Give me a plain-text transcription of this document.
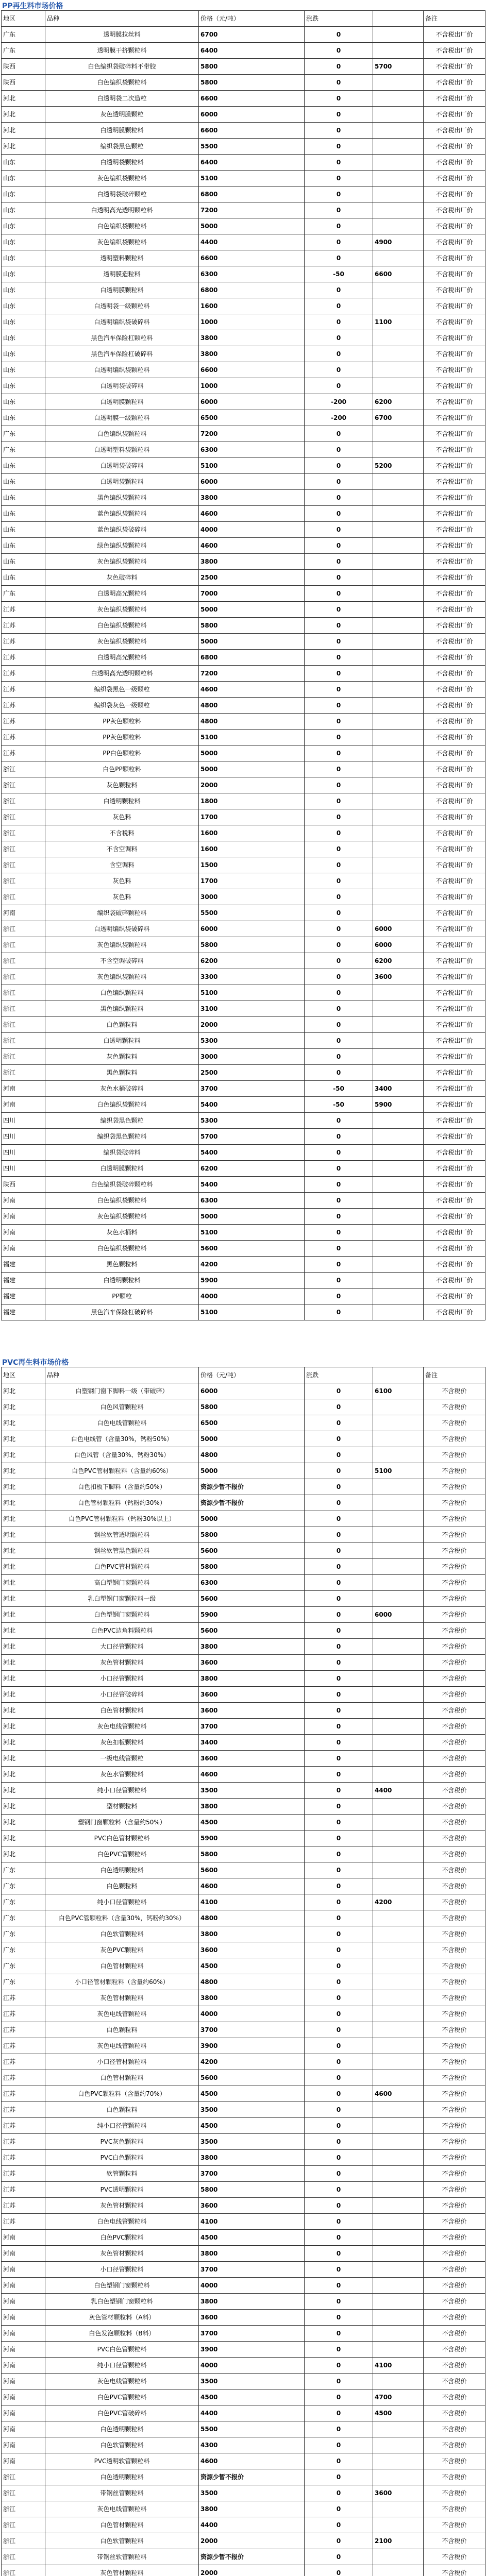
PP再生料市场价格
地区	品种	价格（元/吨）	涨跌		备注
广东	透明膜拉丝料	6700	0		不含税出厂价
广东	透明膜干挤颗粒料	6400	0		不含税出厂价
陕西	白色编织袋破碎料不带胶	5800	0	5700	不含税出厂价
陕西	白色编织袋颗粒料	5800	0		不含税出厂价
河北	白透明袋二次造粒	6600	0		不含税出厂价
河北	灰色透明膜颗粒	6000	0		不含税出厂价
河北	白透明膜颗粒料	6600	0		不含税出厂价
河北	编织袋黑色颗粒	5500	0		不含税出厂价
山东	白透明袋颗粒料	6400	0		不含税出厂价
山东	灰色编织袋颗粒料	5100	0		不含税出厂价
山东	白透明袋破碎颗粒	6800	0		不含税出厂价
山东	白透明高光透明颗粒料	7200	0		不含税出厂价
山东	白色编织袋颗粒料	5000	0		不含税出厂价
山东	灰色编织袋颗粒料	4400	0	4900	不含税出厂价
山东	透明塑料颗粒料	6600	0		不含税出厂价
山东	透明膜造粒料	6300	-50	6600	不含税出厂价
山东	白透明膜颗粒料	6800	0		不含税出厂价
山东	白透明袋一级颗粒料	1600	0		不含税出厂价
山东	白透明编织袋破碎料	1000	0	1100	不含税出厂价
山东	黑色汽车保险杠颗粒料	3800	0		不含税出厂价
山东	黑色汽车保险杠破碎料	3800	0		不含税出厂价
山东	白透明编织袋颗粒料	6600	0		不含税出厂价
山东	白透明袋破碎料	1000	0		不含税出厂价
山东	白透明膜颗粒料	6000	-200	6200	不含税出厂价
山东	白透明膜一级颗粒料	6500	-200	6700	不含税出厂价
广东	白色编织袋颗粒料	7200	0		不含税出厂价
广东	白透明塑料袋颗粒料	6300	0		不含税出厂价
山东	白透明袋破碎料	5100	0	5200	不含税出厂价
山东	白透明袋颗粒料	6000	0		不含税出厂价
山东	黑色编织袋颗粒料	3800	0		不含税出厂价
山东	蓝色编织袋颗粒料	4600	0		不含税出厂价
山东	蓝色编织袋破碎料	4000	0		不含税出厂价
山东	绿色编织袋颗粒料	4600	0		不含税出厂价
山东	灰色编织袋颗粒料	3800	0		不含税出厂价
山东	灰色破碎料	2500	0		不含税出厂价
广东	白透明高光颗粒料	7000	0		不含税出厂价
江苏	灰色编织袋颗粒料	5000	0		不含税出厂价
江苏	白色编织袋颗粒料	5800	0		不含税出厂价
江苏	灰色编织袋颗粒料	5000	0		不含税出厂价
江苏	白透明高光颗粒料	6800	0		不含税出厂价
江苏	白透明高光透明颗粒料	7200	0		不含税出厂价
江苏	编织袋黑色一级颗粒	4600	0		不含税出厂价
江苏	编织袋灰色一级颗粒	4800	0		不含税出厂价
江苏	PP灰色颗粒料	4800	0		不含税出厂价
江苏	PP灰色颗粒料	5100	0		不含税出厂价
江苏	PP白色颗粒料	5000	0		不含税出厂价
浙江	白色PP颗粒料	5000	0		不含税出厂价
浙江	灰色颗粒料	2000	0		不含税出厂价
浙江	白透明颗粒料	1800	0		不含税出厂价
浙江	灰色料	1700	0		不含税出厂价
浙江	不含税料	1600	0		不含税出厂价
浙江	不含空调料	1600	0		不含税出厂价
浙江	含空调料	1500	0		不含税出厂价
浙江	灰色料	1700	0		不含税出厂价
浙江	灰色料	3000	0		不含税出厂价
河南	编织袋破碎颗粒料	5500	0		不含税出厂价
浙江	白透明编织袋破碎料	6000	0	6000	不含税出厂价
浙江	灰色编织袋颗粒料	5800	0	6000	不含税出厂价
浙江	不含空调破碎料	6200	0	6200	不含税出厂价
浙江	灰色编织袋颗粒料	3300	0	3600	不含税出厂价
浙江	白色编织颗粒料	5100	0		不含税出厂价
浙江	黑色编织颗粒料	3100	0		不含税出厂价
浙江	白色颗粒料	2000	0		不含税出厂价
浙江	白透明颗粒料	5300	0		不含税出厂价
浙江	灰色颗粒料	3000	0		不含税出厂价
浙江	黑色颗粒料	2500	0		不含税出厂价
河南	灰色水桶破碎料	3700	-50	3400	不含税出厂价
河南	白色编织袋颗粒料	5400	-50	5900	不含税出厂价
四川	编织袋黑色颗粒	5300	0		不含税出厂价
四川	编织袋黑色颗粒料	5700	0		不含税出厂价
四川	编织袋破碎料	5400	0		不含税出厂价
四川	白透明膜颗粒料	6200	0		不含税出厂价
陕西	白色编织袋破碎颗粒料	5400	0		不含税出厂价
河南	白色编织袋颗粒料	6300	0		不含税出厂价
河南	灰色编织袋颗粒料	5000	0		不含税出厂价
河南	灰色水桶料	5100	0		不含税出厂价
河南	白色编织袋颗粒料	5600	0		不含税出厂价
福建	黑色颗粒料	4200	0		不含税出厂价
福建	白透明颗粒料	5900	0		不含税出厂价
福建	PP颗粒	4000	0		不含税出厂价
福建	黑色汽车保险杠破碎料	5100	0		不含税出厂价
PVC再生料市场价格
地区	品种	价格（元/吨）	涨跌		备注
河北	白塑钢门窗下脚料一级（带破碎）	6000	0	6100	不含税价
河北	白色风管颗粒料	5800	0		不含税价
河北	白色电线管颗粒料	6500	0		不含税价
河北	白色电线管（含量30%，钙粉50%）	5000	0		不含税价
河北	白色风管（含量30%、钙粉30%）	4800	0		不含税价
河北	白色PVC管材颗粒料（含量约60%）	5000	0	5100	不含税价
河北	白色扣板下脚料（含量约50%）	资源少暂不报价	0		不含税价
河北	白色管材颗粒料（钙粉约30%）	资源少暂不报价	0		不含税价
河北	白色PVC管材颗粒料（钙粉30%以上）	5000	0		不含税价
河北	钢丝软管透明颗粒料	5800	0		不含税价
河北	钢丝软管黑色颗粒料	5600	0		不含税价
河北	白色PVC管材颗粒料	5800	0		不含税价
河北	高白塑钢门窗颗粒料	6300	0		不含税价
河北	乳白塑钢门窗颗粒料一级	5600	0		不含税价
河北	白色塑钢门窗颗粒料	5900	0	6000	不含税价
河北	白色PVC边角料颗粒料	5600	0		不含税价
河北	大口径管颗粒料	3800	0		不含税价
河北	灰色管材颗粒料	3600	0		不含税价
河北	小口径管颗粒料	3800	0		不含税价
河北	小口径管破碎料	3600	0		不含税价
河北	白色管材颗粒料	3600	0		不含税价
河北	灰色电线管颗粒料	3700	0		不含税价
河北	灰色扣板颗粒料	3400	0		不含税价
河北	一级电线管颗粒	3600	0		不含税价
河北	灰色水管颗粒料	4600	0		不含税价
河北	纯小口径管颗粒料	3500	0	4400	不含税价
河北	型材颗粒料	3800	0		不含税价
河北	塑钢门窗颗粒料（含量约50%）	4500	0		不含税价
河北	PVC白色管材颗粒料	5900	0		不含税价
河北	白色PVC管颗粒料	5800	0		不含税价
广东	白色透明颗粒料	5600	0		不含税价
广东	白色颗粒料	4600	0		不含税价
广东	纯小口径管颗粒料	4100	0	4200	不含税价
广东	白色PVC管颗粒料（含量30%，钙粉约30%）	4800	0		不含税价
广东	白色软管颗粒料	3800	0		不含税价
广东	灰色PVC颗粒料	3600	0		不含税价
广东	白色管材颗粒料	4500	0		不含税价
广东	小口径管材颗粒料（含量约60%）	4800	0		不含税价
江苏	灰色管材颗粒料	3800	0		不含税价
江苏	灰色电线管颗粒料	4000	0		不含税价
江苏	白色颗粒料	3700	0		不含税价
江苏	灰色电线管颗粒料	3900	0		不含税价
江苏	小口径管材颗粒料	4200	0		不含税价
江苏	白色管材颗粒料	5600	0		不含税价
江苏	白色PVC颗粒料（含量约70%）	4500	0	4600	不含税价
江苏	白色颗粒料	3500	0		不含税价
江苏	纯小口径管颗粒料	4500	0		不含税价
江苏	PVC灰色颗粒料	3500	0		不含税价
江苏	PVC白色颗粒料	3800	0		不含税价
江苏	软管颗粒料	3700	0		不含税价
江苏	PVC透明颗粒料	5800	0		不含税价
江苏	灰色管材颗粒料	3600	0		不含税价
江苏	白色电线管颗粒料	4100	0		不含税价
河南	白色PVC颗粒料	4500	0		不含税价
河南	灰色管材颗粒料	3800	0		不含税价
河南	小口径管颗粒料	3700	0		不含税价
河南	白色塑钢门窗颗粒料	4000	0		不含税价
河南	乳白色塑钢门窗颗粒料	3800	0		不含税价
河南	灰色管材颗粒料（A料）	3600	0		不含税价
河南	白色发泡颗粒料（B料）	3700	0		不含税价
河南	PVC白色管颗粒料	3900	0		不含税价
河南	纯小口径管颗粒料	4000	0	4100	不含税价
河南	灰色电线管颗粒料	3500	0		不含税价
河南	白色PVC管颗粒料	4500	0	4700	不含税价
河南	白色PVC管破碎料	4400	0	4500	不含税价
河南	白色透明颗粒料	5500	0		不含税价
河南	白色软管颗粒料	4300	0		不含税价
河南	PVC透明软管颗粒料	4600	0		不含税价
浙江	白色透明颗粒料	资源少暂不报价	0		不含税价
浙江	带钢丝管颗粒料	3500	0	3600	不含税价
浙江	灰色电线管颗粒料	3800	0		不含税价
浙江	白色管材颗粒料	4400	0		不含税价
浙江	白色软管颗粒料	2000	0	2100	不含税价
浙江	带钢丝软管颗粒料	资源少暂不报价	0		不含税价
浙江	灰色管材颗粒料	2000	0		不含税价
